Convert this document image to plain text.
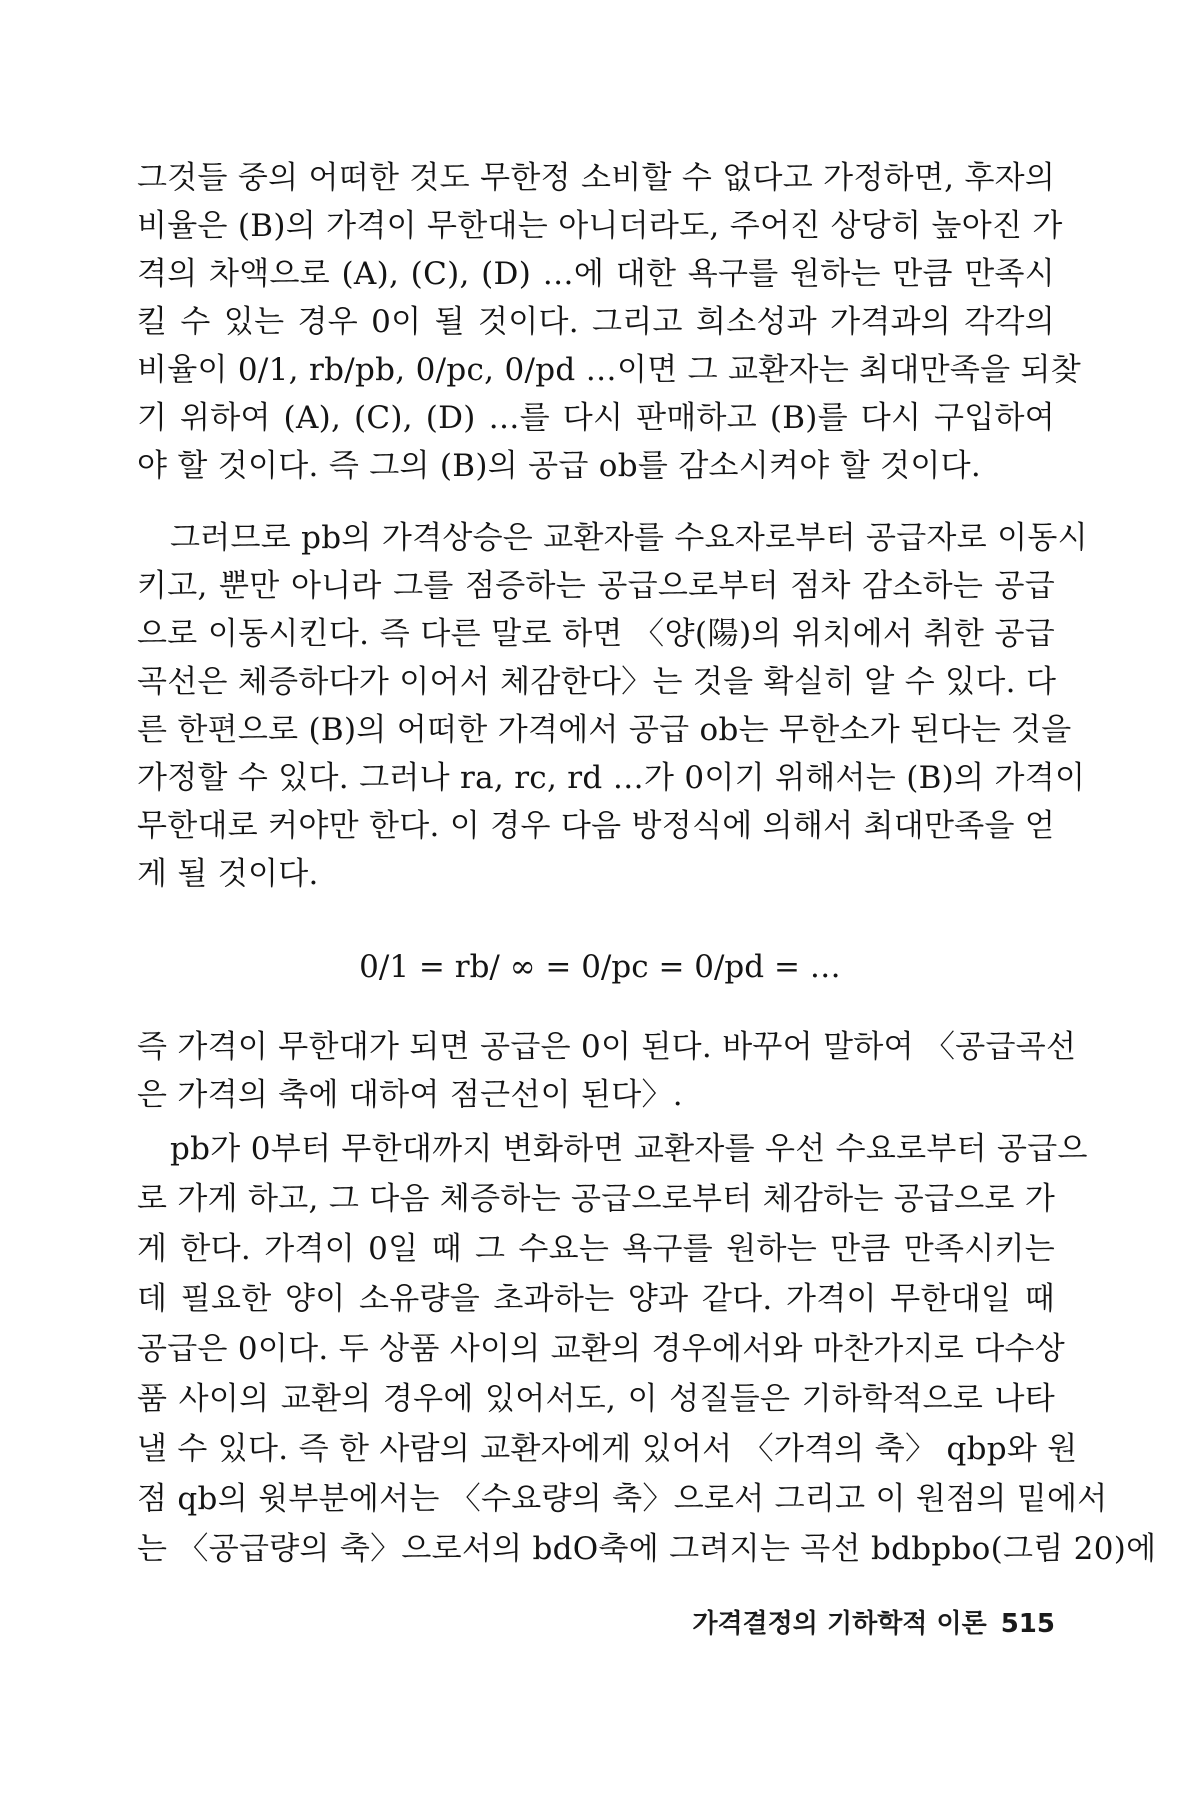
그것들 중의 어떠한 것도 무한정 소비할 수 없다고 가정하면, 후자의
비율은 (B)의 가격이 무한대는 아니더라도, 주어진 상당히 높아진 가
격의 차액으로 (A), (C), (D) …에 대한 욕구를 원하는 만큼 만족시
킬 수 있는 경우 0이 될 것이다. 그리고 희소성과 가격과의 각각의
비율이 0/1, rb/pb, 0/pc, 0/pd …이면 그 교환자는 최대만족을 되찾
기 위하여 (A), (C), (D) …를 다시 판매하고 (B)를 다시 구입하여
야 할 것이다. 즉 그의 (B)의 공급 ob를 감소시켜야 할 것이다.
그러므로 pb의 가격상승은 교환자를 수요자로부터 공급자로 이동시
키고, 뿐만 아니라 그를 점증하는 공급으로부터 점차 감소하는 공급
으로 이동시킨다. 즉 다른 말로 하면 〈양(陽)의 위치에서 취한 공급
곡선은 체증하다가 이어서 체감한다〉는 것을 확실히 알 수 있다. 다
른 한편으로 (B)의 어떠한 가격에서 공급 ob는 무한소가 된다는 것을
가정할 수 있다. 그러나 ra, rc, rd …가 0이기 위해서는 (B)의 가격이
무한대로 커야만 한다. 이 경우 다음 방정식에 의해서 최대만족을 얻
게 될 것이다.
0/1 = rb/ ∞ = 0/pc = 0/pd = …
즉 가격이 무한대가 되면 공급은 0이 된다. 바꾸어 말하여 〈공급곡선
은 가격의 축에 대하여 점근선이 된다〉.
pb가 0부터 무한대까지 변화하면 교환자를 우선 수요로부터 공급으
로 가게 하고, 그 다음 체증하는 공급으로부터 체감하는 공급으로 가
게 한다. 가격이 0일 때 그 수요는 욕구를 원하는 만큼 만족시키는
데 필요한 양이 소유량을 초과하는 양과 같다. 가격이 무한대일 때
공급은 0이다. 두 상품 사이의 교환의 경우에서와 마찬가지로 다수상
품 사이의 교환의 경우에 있어서도, 이 성질들은 기하학적으로 나타
낼 수 있다. 즉 한 사람의 교환자에게 있어서 〈가격의 축〉 qbp와 원
점 qb의 윗부분에서는 〈수요량의 축〉으로서 그리고 이 원점의 밑에서
는 〈공급량의 축〉으로서의 bdO축에 그려지는 곡선 bdbpbo(그림 20)에
가격결정의 기하학적 이론 515
